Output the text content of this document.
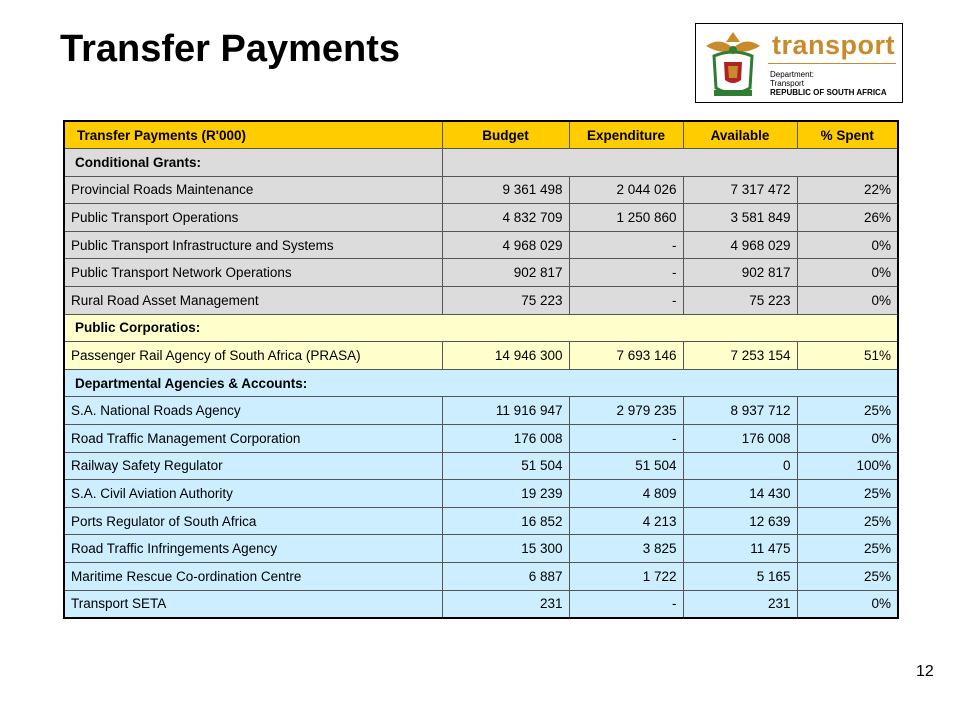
Transfer Payments	transport
Department:
Transport
REPUBLIC OF SOUTH AFRICA
Transfer Payments (R'000)	Budget	Expenditure	Available	% Spent
Conditional Grants:				
Provincial Roads Maintenance	9 361 498	2 044 026	7 317 472	22%
Public Transport Operations	4 832 709	1 250 860	3 581 849	26%
Public Transport Infrastructure and Systems	4 968 029	-	4 968 029	0%
Public Transport Network Operations	902 817	-	902 817	0%
Rural Road Asset Management	75 223	-	75 223	0%
Public Corporatios:				
Passenger Rail Agency of South Africa (PRASA)	14 946 300	7 693 146	7 253 154	51%
Departmental Agencies & Accounts:				
S.A. National Roads Agency	11 916 947	2 979 235	8 937 712	25%
Road Traffic Management Corporation	176 008	-	176 008	0%
Railway Safety Regulator	51 504	51 504	0	100%
S.A. Civil Aviation Authority	19 239	4 809	14 430	25%
Ports Regulator of South Africa	16 852	4 213	12 639	25%
Road Traffic Infringements Agency	15 300	3 825	11 475	25%
Maritime Rescue Co-ordination Centre	6 887	1 722	5 165	25%
Transport SETA	231	-	231	0%
12
